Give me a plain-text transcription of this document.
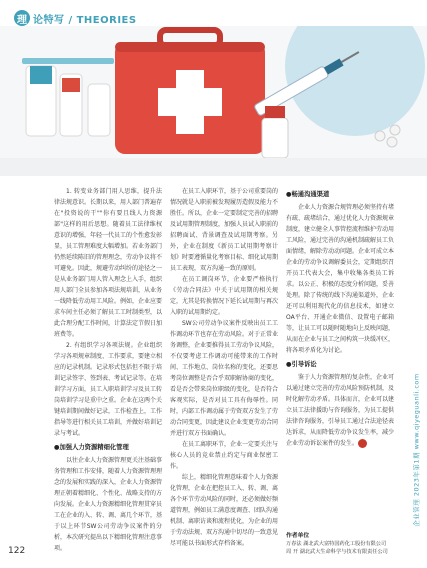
理 论特写 / THEORIES

1. 转变业务部门用人思维，提升法律法规意识。长期以来，用人部门普遍存在"投资说的干""你有要且线人力资源部"这样的用后思想。随着员工法律维权意识的增强，年轻一代员工的个性愈发彰显，员工管理难度大幅增加。若业务部门仍然延续陈旧的管理理念，劳动争议将不可避免。因此，规避劳动纠纷的途径之一是从业务部门用人管入理念上入手，组织用人部门全员参加各项法规培训，从业务一线降低劳动用工风险。例如，企业应要求车间主任必须了解员工工时制类型，以此合理分配工作时间，计算法定节假日加班费等。

2. 有组织学习各项法规。企业组织学习各项规章制度、工作要求，要建立相应的记录机制。记录形式包括但不限于培训记录签字、签到表、考试记录等。在培训学习方面，员工入职培训学习及员工转岗培训学习是重中之重。企业在这两个关键培训期间做好记录，工作检查上，工作指导等进行相关员工培训，并做好培训记录与考试。

●加强人力资源精细化管理

以往企业人力资源管理更关注基础事务管理和工作安排，随着人力资源管理理念的发展和实践的深入，企业人力资源管理正朝着精细化、个性化、战略支持的方向发展。企业人力资源精细化管理贯穿员工在企业的入、转、调、离几个环节，基于以上环节SW公司劳动争议案件的分析，本次研究提出以下精细化管理注意事项。

在员工入职环节，基于公司重要岗的情况就是入职前被发现履历造假及能力不胜任。所以，企业一定要制定完善的招聘及试用期管理制度，加强人员试入职前的招聘面试、背景调查及试用期考察。另外，企业在制度《新员工试用期考察计划》时要遵循量化考察目标、细化试用期员工表现，双方沟通一致的原则。

在员工调岗环节，企业要严格执行《劳动合同法》中关于试用期的相关规定，尤其是转换情况下延长试用期与再次入职的试用期约定。

SW公司劳动争议案件反映出员工工作调动环节也存在劳动风险。对于正常业务调整，企业要推得员工劳动争议风险，不仅要考虑工作调动可能带来的工作时间、工作地点、岗位名称的变化，还要思考岗位调整是否合乎双职解协商的变化，看是否会带来岗位职级的变化，是否符合客观实际，是否对员工具有侮辱性。同时，内部工作调动属于劳资双方发生了劳动合同变更，因此建议企业变更劳动合同并进行双方书面确认。

在员工离职环节，企业一定要关注与核心人员的竞业禁止约定与商业保密工作。

综上，精细化管理意味着个人力资源化管理，企业在把控员工入、转、调、离各个环节劳动风险的同时，还必须做好频道管理，例如员工满意度调查、团队沟通机制、离职访谈和流程优化，为企业的用于劳动法规、双方沟通中切尽的一致意见尽可能以书面形式存档备案。

●畅通沟通渠道

企业人力资源合规管理必须坚持有堵有疏、疏堵结合，通过优化人力资源规章制度，建立健全人事管控流程维护劳动用工风险，通过完善的沟通机制疏解员工负面情绪，解除劳动动问题。企业可成立本企业的劳动争议调解委员会，定期组织召开员工代表大会，集中收集各类员工诉求。以公正、积极的态度分析问题，妥善处理。除了传统的线下沟通渠道外，企业还可以利用现代化的信息技术，如建立OA平台、开通企业微信、设置电子邮箱等，让员工可以随时随地向上反映问题，从而在企业与员工之间构筑一块缓冲区，将各项矛盾化为讨论。

●引导诉讼

鉴于人力资源管理的复杂性，企业可以通过建立完善的劳动风险预防机制，及时化解劳动矛盾。具体而言，企业可以建立员工法律援助与咨询服务，为员工提供法律咨询服务，引导员工通过合法途径表达诉求，从而降低劳动争议发生率，减少企业劳动诉讼案件的发生。 中

作者单位
万春法 湖北武大富特国药化工股份有限公司
周 开 湖北武大生命科学与技术有限责任公司
122
企业管理 2023年第1期 www.qiyeguanli.com
